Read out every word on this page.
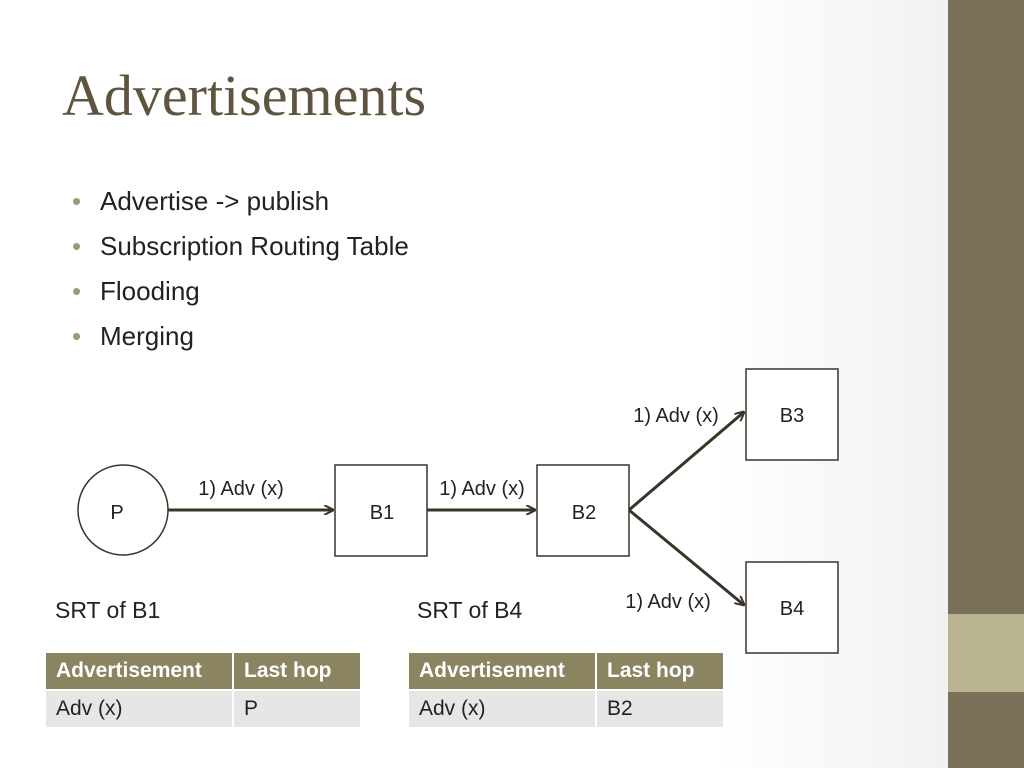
Advertisements
• Advertise -> publish
• Subscription Routing Table
• Flooding
• Merging
P	B1	B2
B3
B4
1) Adv (x)	1) Adv (x)
1) Adv (x)
1) Adv (x)
SRT of B1	SRT of B4
Advertisement	Last hop
Adv (x)	P
Advertisement	Last hop
Adv (x)	B2
